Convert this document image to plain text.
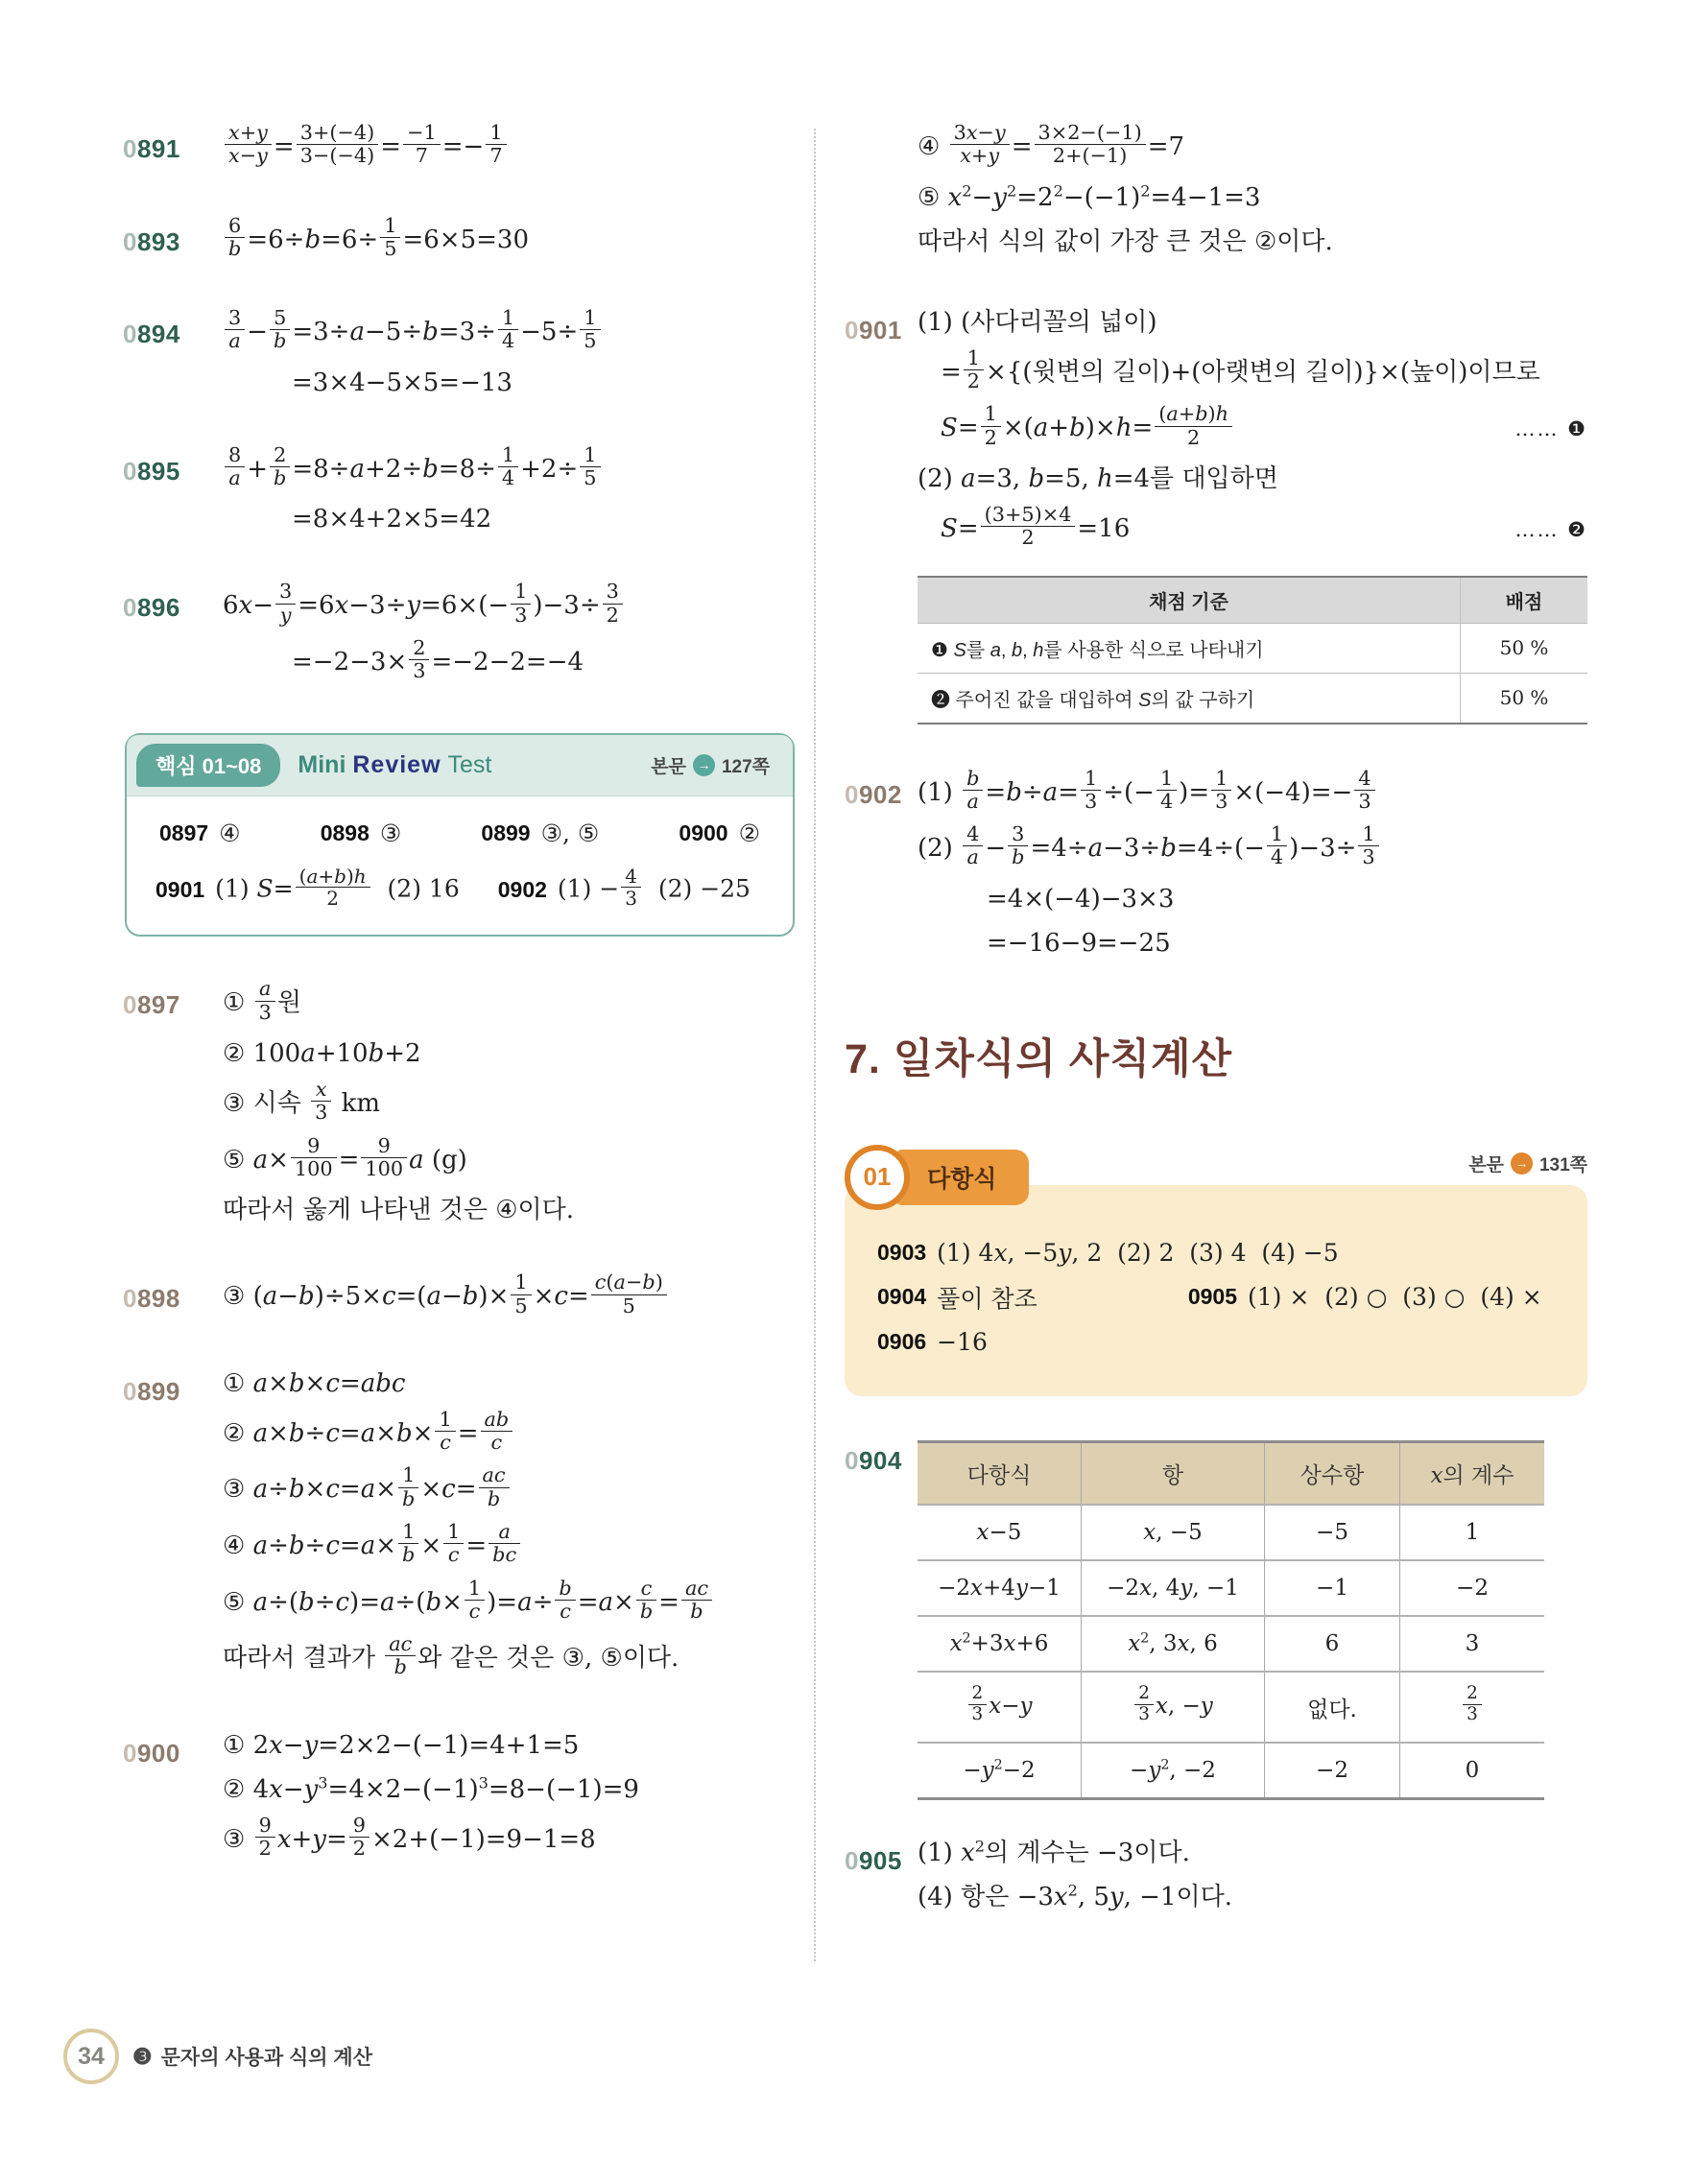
0891	$\frac{x+y}{x-y} = \frac{3+(-4)}{3-(-4)} = \frac{-1}{7} =- \frac{1}{7}$
0893	$\frac{6}{b} =6\div b=6\div \frac{1}{5} =6\times 5=30$
0894	$\frac{3}{a} - \frac{5}{b} =3\div a-5\div b=3\div \frac{1}{4} -5\div \frac{1}{5}$
=3×4−5×5=−13
0895	$\frac{8}{a} + \frac{2}{b} =8\div a+2\div b=8\div \frac{1}{4} +2\div \frac{1}{5}$
=8×4+2×5=42
0896	$6x- \frac{3}{y} =6x-3\div y=6\times(- \frac{1}{3} )-3\div \frac{3}{2}$
$=-2-3\times \frac{2}{3} =-2-2=-4$
핵심 01~08	Mini Review Test	본문 → 127쪽
0897 ④	0898 ③	0899 ③, ⑤	0900 ②
0901 (1) $S= \frac{(a+b)h}{2} (2)$ 16 0902 $(1) - \frac{4}{3} (2) -25$
0897	① $\frac{a}{3}$ 원
② 100a+10b+2
③ 시속 $\frac{x}{3}$ km
⑤ $a\times \frac{9}{100} = \frac{9}{100}$ a (g)
따라서 옳게 나타낸 것은 ④이다.
0898	③ $(a-b)\div 5\times c=(a-b)\times \frac{1}{5} \times c= \frac{c(a-b)}{5}$
0899	① a×b×c=abc
② $a\times b\div c=a\times b\times \frac{1}{c} = \frac{ab}{c}$
③ $a\div b\times c=a\times \frac{1}{b} \times c= \frac{ac}{b}$
④ $a\div b\div c=a\times \frac{1}{b} \times \frac{1}{c} = \frac{a}{bc}$
⑤ $a\div(b\div c)=a\div(b\times \frac{1}{c} )=a\div \frac{b}{c} =a\times \frac{c}{b} = \frac{ac}{b}$
따라서 결과가 $\frac{ac}{b}$ 와 같은 것은 ③, ⑤이다.
0900	① 2x−y=2×2−(−1)=4+1=5
② $4x-y^3=4\times 2-(-1)^3=8-(-1)=9$
③ $\frac{9}{2} x+y= \frac{9}{2} \times 2+(-1)=9-1=8$
④ $\frac{3x-y}{x+y} = \frac{3\times 2-(-1)}{2+(-1)} =7$
⑤ $x^2-y^2=2^2-(-1)^2=4-1=3$
따라서 식의 값이 가장 큰 것은 ②이다.
0901 (1) (사다리꼴의 넓이)
= $\frac{1}{2}$ ×{(윗변의 길이)+(아랫변의 길이)}×(높이)이므로
$S= \frac{1}{2} \times(a+b)\times h= \frac{(a+b)h}{2}$	…… ❶
(2) a=3, b=5, h=4를 대입하면
$S= \frac{(3+5)\times 4}{2} =16$	…… ❷
채점 기준	배점
❶ S를 a, b, h를 사용한 식으로 나타내기	50 %
❷ 주어진 값을 대입하여 S의 값 구하기	50 %
0902 $(1) \frac{b}{a} =b\div a= \frac{1}{3}$ ÷(− $\frac{1}{4}$ )= $\frac{1}{3} \times(-4)=- \frac{4}{3}$
$(2) \frac{4}{a} - \frac{3}{b} =4\div a-3\div b=4\div(- \frac{1}{4} )-3\div \frac{1}{3}$
=4×(−4)−3×3
=−16−9=−25
7. 일차식의 사칙계산
01	다항식
본문 → 131쪽
0903 (1) 4x, −5y, 2  (2) 2  (3) 4  (4) −5
0904 풀이 참조	0905 (1) ×  (2) ○  (3) ○  (4) ×
0906 −16
0904
다항식	항	상수항	x의 계수
x−5	x, −5	−5	1
−2x+4y−1	−2x, 4y, −1	−1	−2
$x^2+3x+6$	$x^2$, 3x, 6	6	3

$\frac{2}{3} x-y$	$\frac{2}{3} x$, −y	없다.	$\frac{2}{3}$

$-y^2-2$	$-y^2$, −2	−2	0
0905 (1) $x^2$의 계수는 −3이다.
(4) 항은 $-3x^2$, 5y, −1이다.
34	❸ 문자의 사용과 식의 계산
